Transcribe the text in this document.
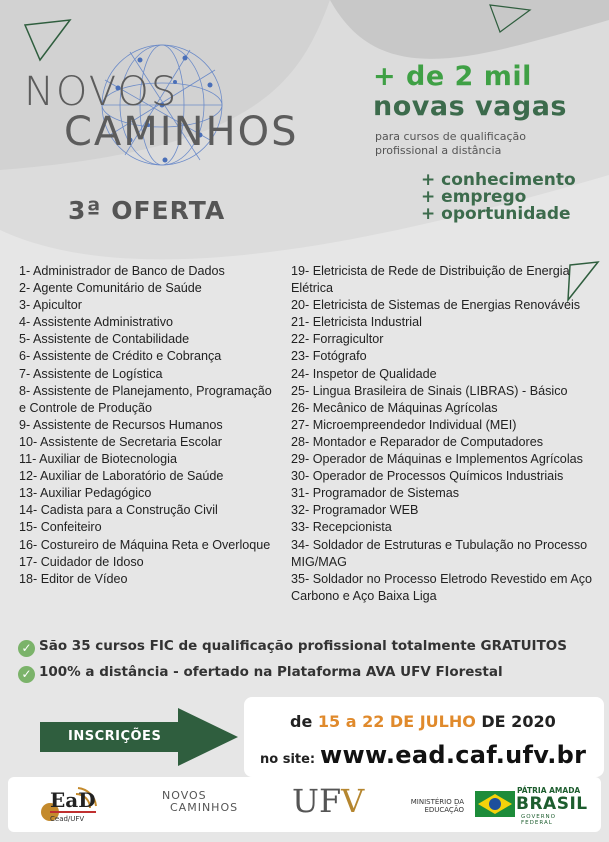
NOVOS
CAMINHOS
3ª OFERTA
+ de 2 mil
novas vagas
para cursos de qualificação
profissional a distância
+ conhecimento
+ emprego
+ oportunidade
1- Administrador de Banco de Dados
2- Agente Comunitário de Saúde
3- Apicultor
4- Assistente Administrativo
5- Assistente de Contabilidade
6- Assistente de Crédito e Cobrança
7- Assistente de Logística
8- Assistente de Planejamento, Programação e Controle de Produção
9- Assistente de Recursos Humanos
10- Assistente de Secretaria Escolar
11- Auxiliar de Biotecnologia
12- Auxiliar de Laboratório de Saúde
13- Auxiliar Pedagógico
14- Cadista para a Construção Civil
15- Confeiteiro
16- Costureiro de Máquina Reta e Overloque
17- Cuidador de Idoso
18- Editor de Vídeo
19- Eletricista de Rede de Distribuição de Energia Elétrica
20- Eletricista de Sistemas de Energias Renováveis
21- Eletricista Industrial
22- Forragicultor
23- Fotógrafo
24- Inspetor de Qualidade
25- Lingua Brasileira de Sinais (LIBRAS) - Básico
26- Mecânico de Máquinas Agrícolas
27- Microempreendedor Individual (MEI)
28- Montador e Reparador de Computadores
29- Operador de Máquinas e Implementos Agrícolas
30- Operador de Processos Químicos Industriais
31- Programador de Sistemas
32- Programador WEB
33- Recepcionista
34- Soldador de Estruturas e Tubulação no Processo MIG/MAG
35- Soldador no Processo Eletrodo Revestido em Aço Carbono e Aço Baixa Liga
✓ São 35 cursos FIC de qualificação profissional totalmente GRATUITOS
✓ 100% a distância - ofertado na Plataforma AVA UFV Florestal
INSCRIÇÕES
de 15 a 22 DE JULHO DE 2020
no site: www.ead.caf.ufv.br
EaD
Cead/UFV
NOVOS
CAMINHOS UFV	MINISTÉRIO DA
EDUCAÇÃO
PÁTRIA AMADA
BRASIL
GOVERNO FEDERAL
